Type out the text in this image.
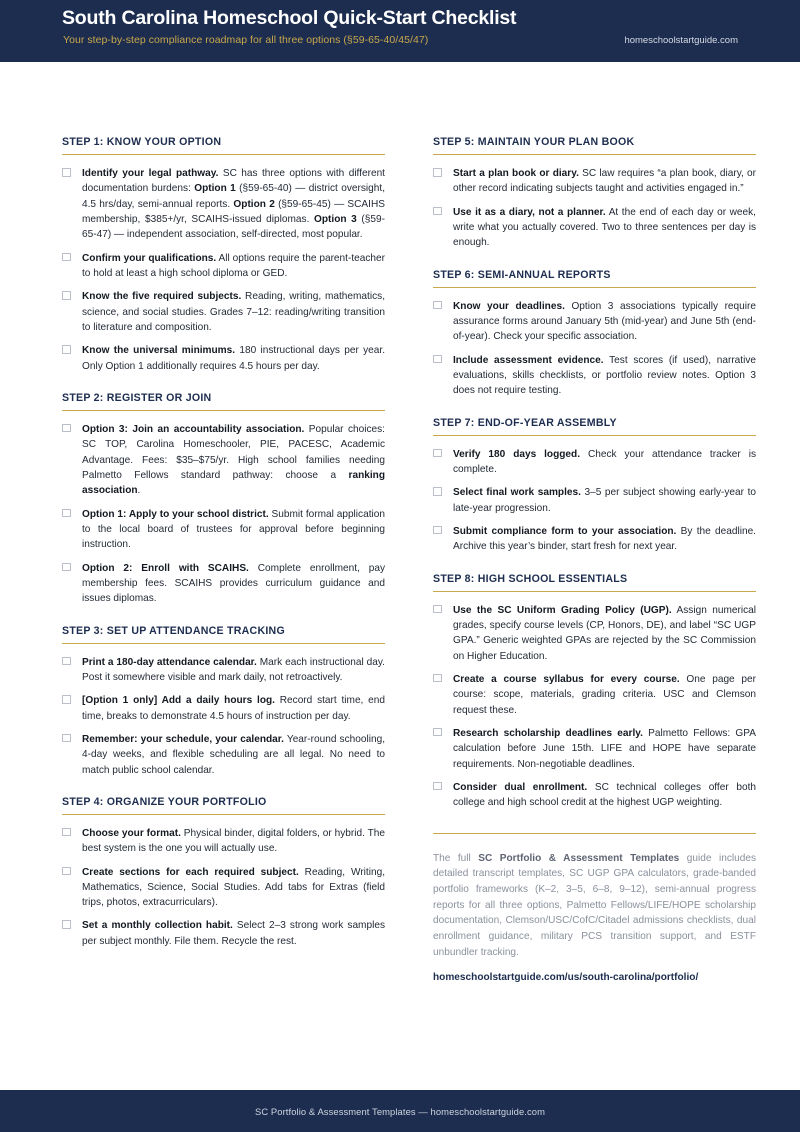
South Carolina Homeschool Quick-Start Checklist
Your step-by-step compliance roadmap for all three options (§59-65-40/45/47)	homeschoolstartguide.com
STEP 1: KNOW YOUR OPTION
Identify your legal pathway. SC has three options with different documentation burdens: Option 1 (§59-65-40) — district oversight, 4.5 hrs/day, semi-annual reports. Option 2 (§59-65-45) — SCAIHS membership, $385+/yr, SCAIHS-issued diplomas. Option 3 (§59-65-47) — independent association, self-directed, most popular.
Confirm your qualifications. All options require the parent-teacher to hold at least a high school diploma or GED.
Know the five required subjects. Reading, writing, mathematics, science, and social studies. Grades 7–12: reading/writing transition to literature and composition.
Know the universal minimums. 180 instructional days per year. Only Option 1 additionally requires 4.5 hours per day.
STEP 2: REGISTER OR JOIN
Option 3: Join an accountability association. Popular choices: SC TOP, Carolina Homeschooler, PIE, PACESC, Academic Advantage. Fees: $35–$75/yr. High school families needing Palmetto Fellows standard pathway: choose a ranking association.
Option 1: Apply to your school district. Submit formal application to the local board of trustees for approval before beginning instruction.
Option 2: Enroll with SCAIHS. Complete enrollment, pay membership fees. SCAIHS provides curriculum guidance and issues diplomas.
STEP 3: SET UP ATTENDANCE TRACKING
Print a 180-day attendance calendar. Mark each instructional day. Post it somewhere visible and mark daily, not retroactively.
[Option 1 only] Add a daily hours log. Record start time, end time, breaks to demonstrate 4.5 hours of instruction per day.
Remember: your schedule, your calendar. Year-round schooling, 4-day weeks, and flexible scheduling are all legal. No need to match public school calendar.
STEP 4: ORGANIZE YOUR PORTFOLIO
Choose your format. Physical binder, digital folders, or hybrid. The best system is the one you will actually use.
Create sections for each required subject. Reading, Writing, Mathematics, Science, Social Studies. Add tabs for Extras (field trips, photos, extracurriculars).
Set a monthly collection habit. Select 2–3 strong work samples per subject monthly. File them. Recycle the rest.
STEP 5: MAINTAIN YOUR PLAN BOOK
Start a plan book or diary. SC law requires “a plan book, diary, or other record indicating subjects taught and activities engaged in.”
Use it as a diary, not a planner. At the end of each day or week, write what you actually covered. Two to three sentences per day is enough.
STEP 6: SEMI-ANNUAL REPORTS
Know your deadlines. Option 3 associations typically require assurance forms around January 5th (mid-year) and June 5th (end-of-year). Check your specific association.
Include assessment evidence. Test scores (if used), narrative evaluations, skills checklists, or portfolio review notes. Option 3 does not require testing.
STEP 7: END-OF-YEAR ASSEMBLY
Verify 180 days logged. Check your attendance tracker is complete.
Select final work samples. 3–5 per subject showing early-year to late-year progression.
Submit compliance form to your association. By the deadline. Archive this year’s binder, start fresh for next year.
STEP 8: HIGH SCHOOL ESSENTIALS
Use the SC Uniform Grading Policy (UGP). Assign numerical grades, specify course levels (CP, Honors, DE), and label “SC UGP GPA.” Generic weighted GPAs are rejected by the SC Commission on Higher Education.
Create a course syllabus for every course. One page per course: scope, materials, grading criteria. USC and Clemson request these.
Research scholarship deadlines early. Palmetto Fellows: GPA calculation before June 15th. LIFE and HOPE have separate requirements. Non-negotiable deadlines.
Consider dual enrollment. SC technical colleges offer both college and high school credit at the highest UGP weighting.

The full SC Portfolio & Assessment Templates guide includes detailed transcript templates, SC UGP GPA calculators, grade-banded portfolio frameworks (K–2, 3–5, 6–8, 9–12), semi-annual progress reports for all three options, Palmetto Fellows/LIFE/HOPE scholarship documentation, Clemson/USC/CofC/Citadel admissions checklists, dual enrollment guidance, military PCS transition support, and ESTF unbundler tracking.

homeschoolstartguide.com/us/south-carolina/portfolio/
SC Portfolio & Assessment Templates — homeschoolstartguide.com
